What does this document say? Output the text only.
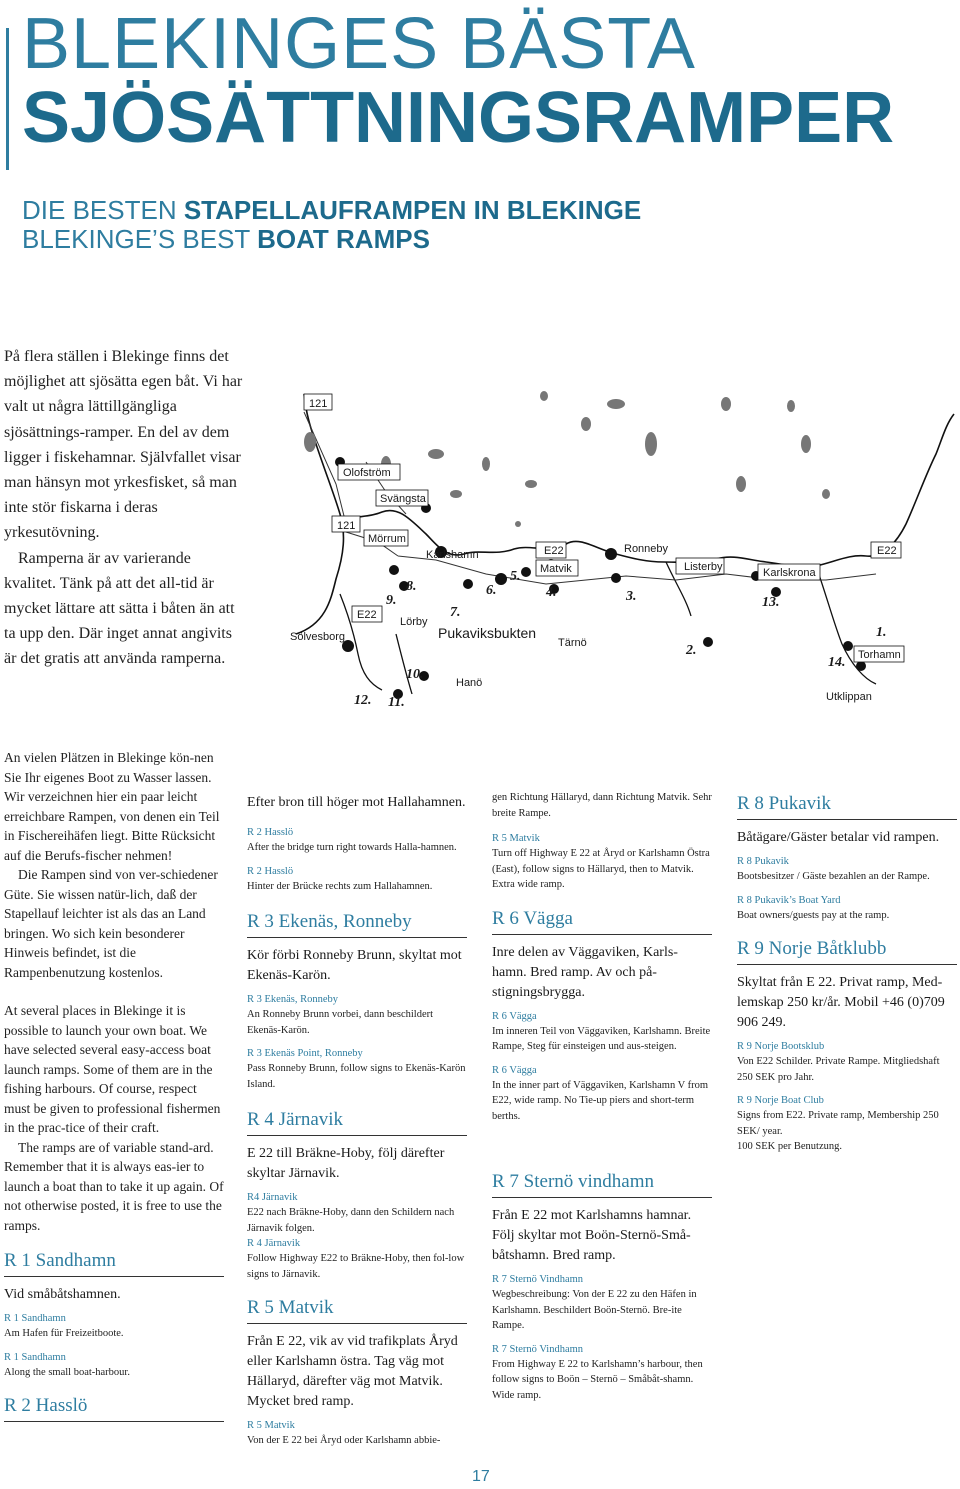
BLEKINGES BÄSTA
SJÖSÄTTNINGSRAMPER
DIE BESTEN STAPELLAUFRAMPEN IN BLEKINGE
BLEKINGE’S BEST BOAT RAMPS

På flera ställen i Blekinge finns det möjlighet att sjösätta egen båt. Vi har valt ut några lättillgängliga sjösättnings-ramper. En del av dem ligger i fiskehamnar. Självfallet visar man hänsyn mot yrkesfisket, så man inte stör fiskarna i deras yrkesutövning.

Ramperna är av varierande kvalitet. Tänk på att det all-tid är mycket lättare att sätta i båten än att ta upp den. Där inget annat angivits är det gratis att använda ramperna.

121
Olofström
Svängsta
121
Mörrum
Karlshamn	E22	Ronneby
Matvik	Listerby	Karlskrona
E22
E22
Sölvesborg
Lörby
Pukaviksbukten
Tärnö
Hanö
Torhamn
Utklippan
1.
2.
3.
4.
5.
6.
7.
8.
9.
10.
11.
12.
13.
14.

An vielen Plätzen in Blekinge kön-nen Sie Ihr eigenes Boot zu Wasser lassen. Wir verzeichnen hier ein paar leicht erreichbare Rampen, von denen ein Teil in Fischereihäfen liegt. Bitte Rücksicht auf die Berufs-fischer nehmen!

Die Rampen sind von ver-schiedener Güte. Sie wissen natür-lich, daß der Stapellauf leichter ist als das an Land bringen. Wo sich kein besonderer Hinweis befindet, ist die Rampenbenutzung kostenlos.

At several places in Blekinge it is possible to launch your own boat. We have selected several easy-access boat launch ramps. Some of them are in the fishing harbours. Of course, respect must be given to professional fishermen in the prac-tice of their craft.

The ramps are of variable stand-ard. Remember that it is always eas-ier to launch a boat than to take it up again. Of not otherwise posted, it is free to use the ramps.

R 1 Sandhamn
Vid småbåtshamnen.
R 1 Sandhamn
Am Hafen für Freizeitboote.
R 1 Sandhamn
Along the small boat-harbour.
R 2 Hasslö
Efter bron till höger mot Hallahamnen.
R 2 Hasslö
After the bridge turn right towards Halla-hamnen.
R 2 Hasslö
Hinter der Brücke rechts zum Hallahamnen.
R 3 Ekenäs, Ronneby
Kör förbi Ronneby Brunn, skyltat mot Ekenäs-Karön.
R 3 Ekenäs, Ronneby
An Ronneby Brunn vorbei, dann beschildert Ekenäs-Karön.
R 3 Ekenäs Point, Ronneby
Pass Ronneby Brunn, follow signs to Ekenäs-Karön Island.
R 4 Järnavik
E 22 till Bräkne-Hoby, följ därefter skyltar Järnavik.
R4 Järnavik
E22 nach Bräkne-Hoby, dann den Schildern nach Järnavik folgen.
R 4 Järnavik
Follow Highway E22 to Bräkne-Hoby, then fol-low signs to Järnavik.
R 5 Matvik
Från E 22, vik av vid trafikplats Åryd eller Karlshamn östra. Tag väg mot Hällaryd, därefter väg mot Matvik. Mycket bred ramp.
R 5 Matvik
Von der E 22 bei Åryd oder Karlshamn abbie-
gen Richtung Hällaryd, dann Richtung Matvik. Sehr breite Rampe.
R 5 Matvik
Turn off Highway E 22 at Åryd or Karlshamn Östra (East), follow signs to Hällaryd, then to Matvik. Extra wide ramp.
R 6 Vägga
Inre delen av Väggaviken, Karls-hamn. Bred ramp. Av och på-stigningsbrygga.
R 6 Vägga
Im inneren Teil von Väggaviken, Karlshamn. Breite Rampe, Steg für einsteigen und aus-steigen.
R 6 Vägga
In the inner part of Väggaviken, Karlshamn V from E22, wide ramp. No Tie-up piers and short-term berths.
R 7 Sternö vindhamn
Från E 22 mot Karlshamns hamnar. Följ skyltar mot Boön-Sternö-Små-båtshamn. Bred ramp.
R 7 Sternö Vindhamn
Wegbeschreibung: Von der E 22 zu den Häfen in Karlshamn. Beschildert Boön-Sternö. Bre-ite Rampe.
R 7 Sternö Vindhamn
From Highway E 22 to Karlshamn’s harbour, then follow signs to Boön – Sternö – Småbåt-shamn. Wide ramp.
R 8 Pukavik
Båtägare/Gäster betalar vid rampen.
R 8 Pukavik
Bootsbesitzer / Gäste bezahlen an der Rampe.
R 8 Pukavik’s Boat Yard
Boat owners/guests pay at the ramp.
R 9 Norje Båtklubb
Skyltat från E 22. Privat ramp, Med-lemskap 250 kr/år. Mobil +46 (0)709 906 249.
R 9 Norje Bootsklub
Von E22 Schilder. Private Rampe. Mitgliedshaft 250 SEK pro Jahr.
R 9 Norje Boat Club
Signs from E22. Private ramp, Membership 250 SEK/ year.
100 SEK per Benutzung.
17
